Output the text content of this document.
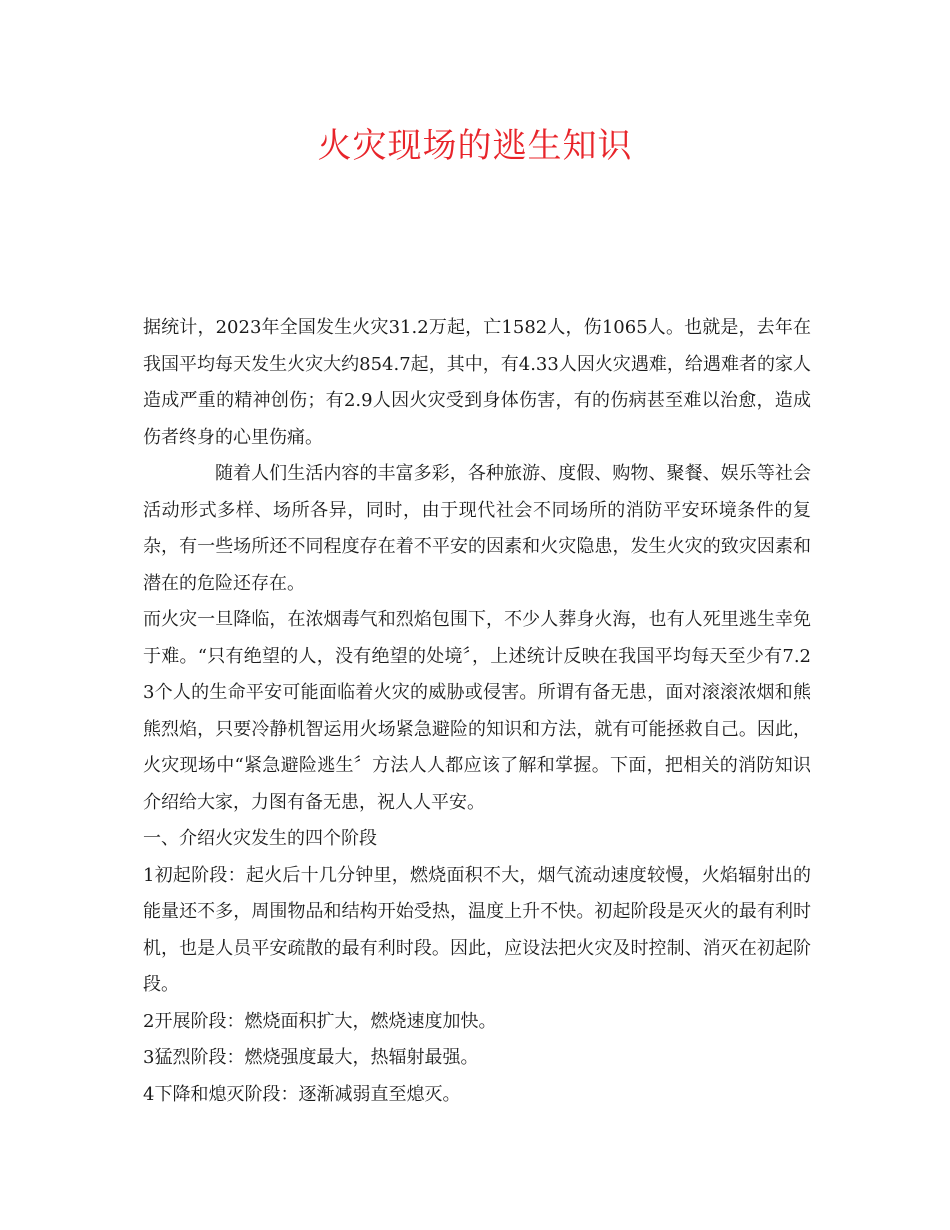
火灾现场的逃生知识

据统计，2023年全国发生火灾31.2万起，亡1582人，伤1065人。也就是，去年在我国平均每天发生火灾大约854.7起，其中，有4.33人因火灾遇难，给遇难者的家人造成严重的精神创伤；有2.9人因火灾受到身体伤害，有的伤病甚至难以治愈，造成伤者终身的心里伤痛。

随着人们生活内容的丰富多彩，各种旅游、度假、购物、聚餐、娱乐等社会活动形式多样、场所各异，同时，由于现代社会不同场所的消防平安环境条件的复杂，有一些场所还不同程度存在着不平安的因素和火灾隐患，发生火灾的致灾因素和潜在的危险还存在。

而火灾一旦降临，在浓烟毒气和烈焰包围下，不少人葬身火海，也有人死里逃生幸免于难。“只有绝望的人，没有绝望的处境〞，上述统计反映在我国平均每天至少有7.23个人的生命平安可能面临着火灾的威胁或侵害。所谓有备无患，面对滚滚浓烟和熊熊烈焰，只要冷静机智运用火场紧急避险的知识和方法，就有可能拯救自己。因此，火灾现场中“紧急避险逃生〞方法人人都应该了解和掌握。下面，把相关的消防知识介绍给大家，力图有备无患，祝人人平安。

一、介绍火灾发生的四个阶段

1初起阶段：起火后十几分钟里，燃烧面积不大，烟气流动速度较慢，火焰辐射出的能量还不多，周围物品和结构开始受热，温度上升不快。初起阶段是灭火的最有利时机，也是人员平安疏散的最有利时段。因此，应设法把火灾及时控制、消灭在初起阶段。

2开展阶段：燃烧面积扩大，燃烧速度加快。

3猛烈阶段：燃烧强度最大，热辐射最强。

4下降和熄灭阶段：逐渐减弱直至熄灭。
